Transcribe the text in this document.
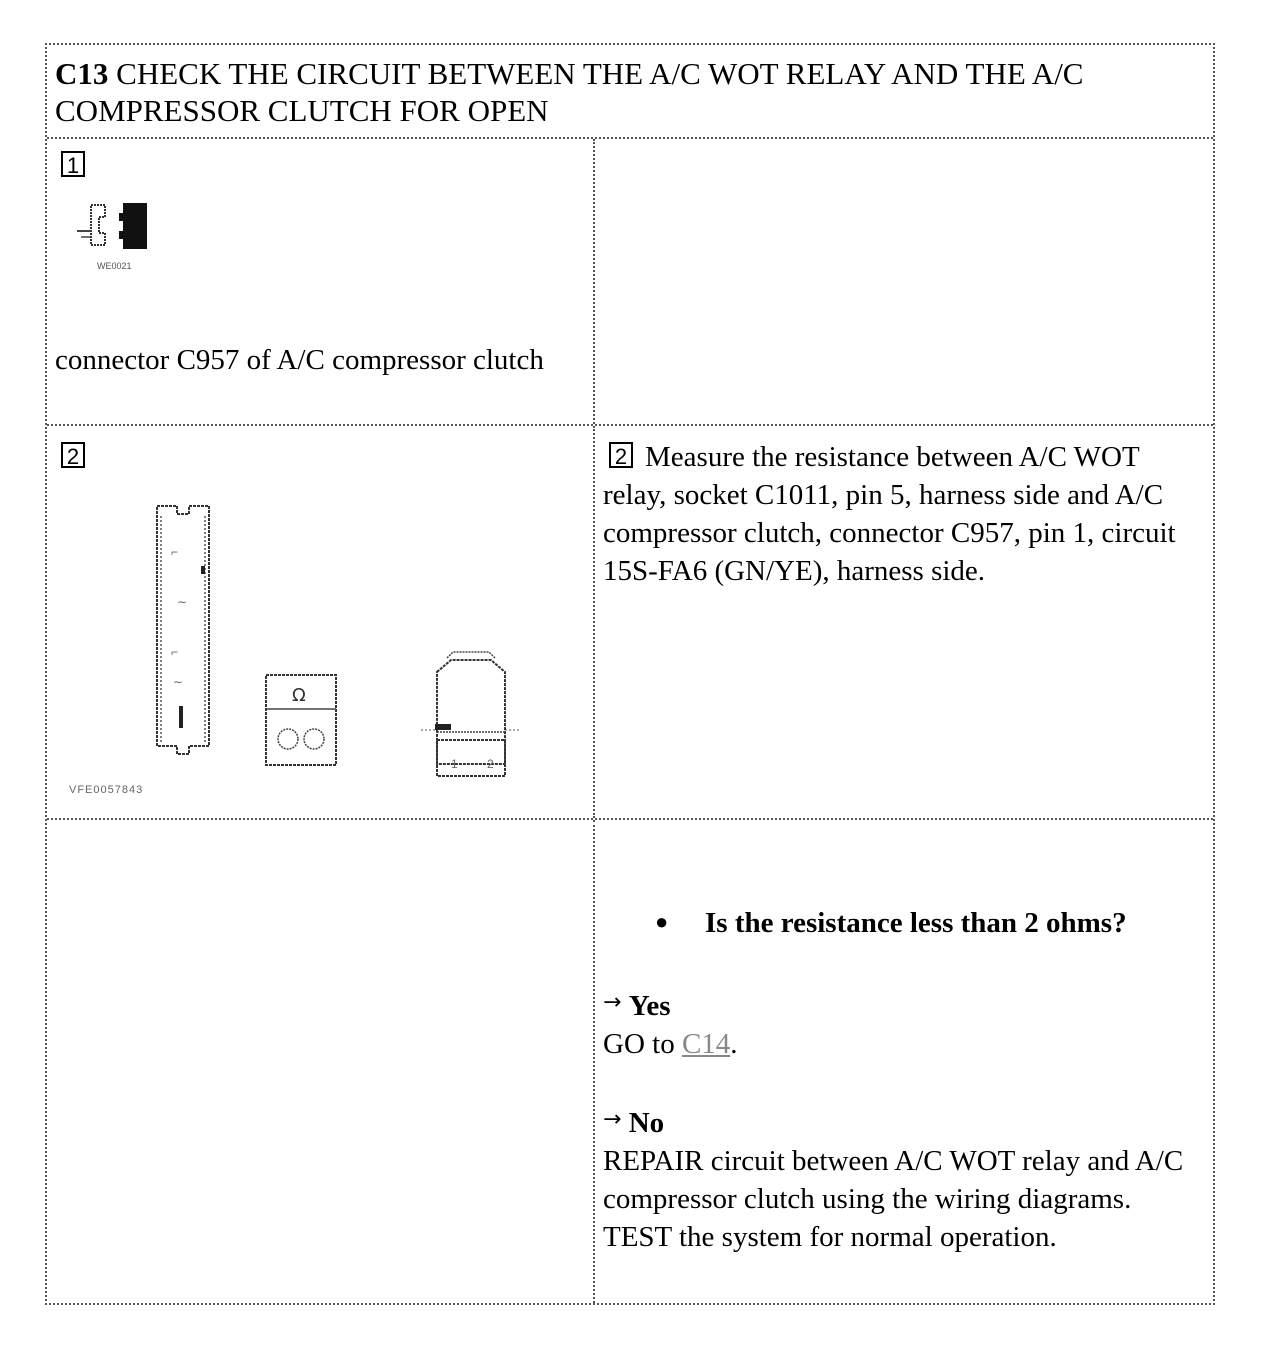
C13 CHECK THE CIRCUIT BETWEEN THE A/C WOT RELAY AND THE A/C COMPRESSOR CLUTCH FOR OPEN
1
WE0021
connector C957 of A/C compressor clutch
2
⌐
∼
⌐
∼
Ω
1 2
VFE0057843
2 Measure the resistance between A/C WOT relay, socket C1011, pin 5, harness side and A/C compressor clutch, connector C957, pin 1, circuit 15S-FA6 (GN/YE), harness side.
● Is the resistance less than 2 ohms?
→ Yes
GO to C14.
→ No
REPAIR circuit between A/C WOT relay and A/C compressor clutch using the wiring diagrams. TEST the system for normal operation.
